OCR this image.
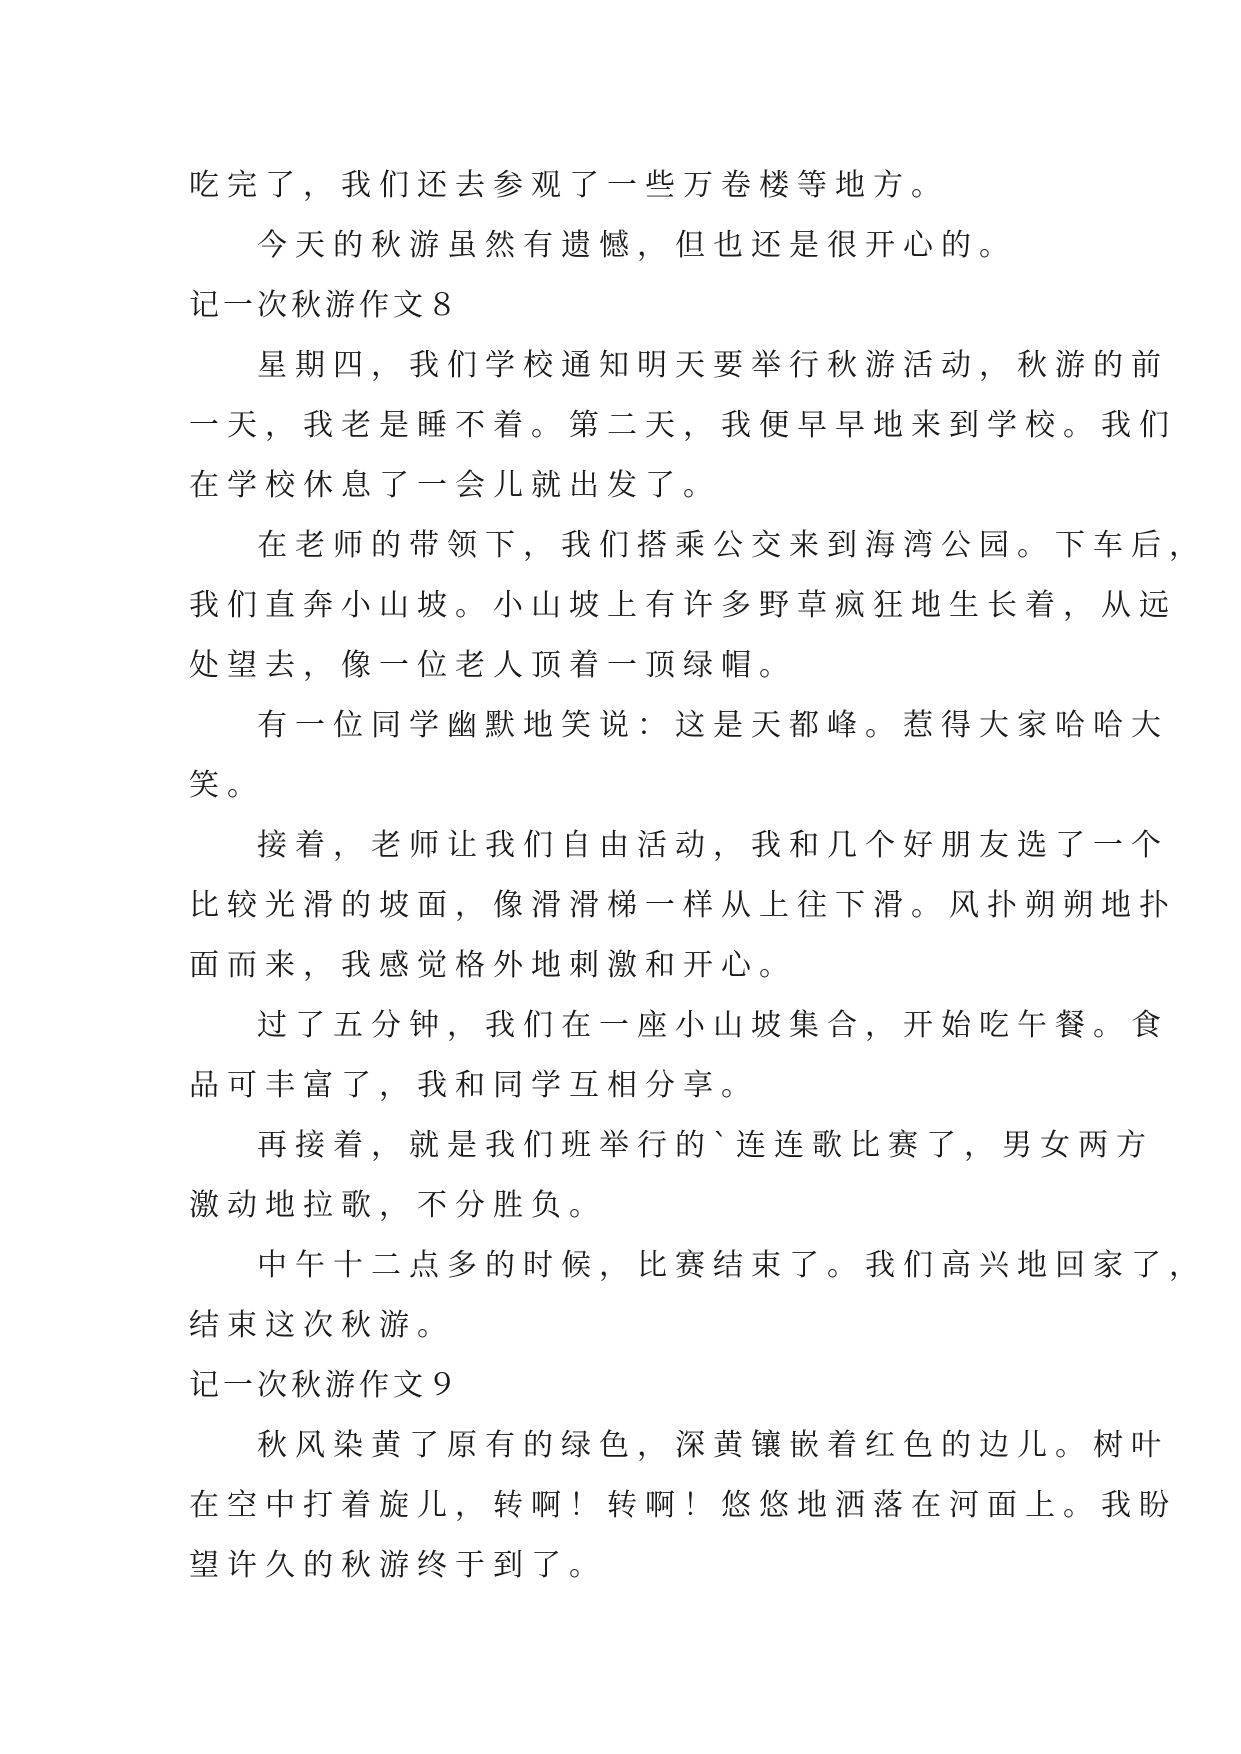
吃完了，我们还去参观了一些万卷楼等地方。

今天的秋游虽然有遗憾，但也还是很开心的。

记一次秋游作文８

星期四，我们学校通知明天要举行秋游活动，秋游的前

一天，我老是睡不着。第二天，我便早早地来到学校。我们

在学校休息了一会儿就出发了。

在老师的带领下，我们搭乘公交来到海湾公园。下车后，

我们直奔小山坡。小山坡上有许多野草疯狂地生长着，从远

处望去，像一位老人顶着一顶绿帽。

有一位同学幽默地笑说：这是天都峰。惹得大家哈哈大

笑。

接着，老师让我们自由活动，我和几个好朋友选了一个

比较光滑的坡面，像滑滑梯一样从上往下滑。风扑朔朔地扑

面而来，我感觉格外地刺激和开心。

过了五分钟，我们在一座小山坡集合，开始吃午餐。食

品可丰富了，我和同学互相分享。

再接着，就是我们班举行的`连连歌比赛了，男女两方

激动地拉歌，不分胜负。

中午十二点多的时候，比赛结束了。我们高兴地回家了，

结束这次秋游。

记一次秋游作文９

秋风染黄了原有的绿色，深黄镶嵌着红色的边儿。树叶

在空中打着旋儿，转啊！转啊！悠悠地洒落在河面上。我盼

望许久的秋游终于到了。
